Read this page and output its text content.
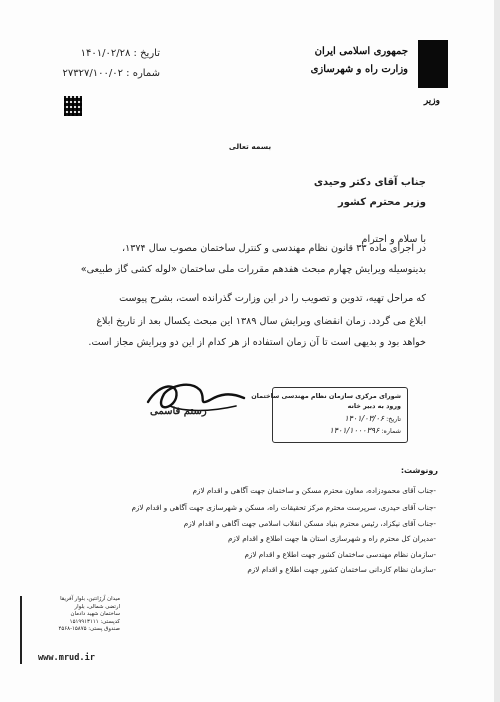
جمهوری اسلامی ایران
وزارت راه و شهرسازی
وزیر
تاریخ : ۱۴۰۱/۰۲/۲۸
شماره : ۲۷۳۲۷/۱۰۰/۰۲
بسمه تعالی
جناب آقای دکتر وحیدی
وزیر محترم کشور
با سلام و احترام
در اجرای ماده ۳۳ قانون نظام مهندسی و کنترل ساختمان مصوب سال ۱۳۷۴،
بدینوسیله ویرایش چهارم مبحث هفدهم مقررات ملی ساختمان «لوله کشی گاز طبیعی»
که مراحل تهیه، تدوین و تصویب را در این وزارت گذرانده است، بشرح پیوست
ابلاغ می گردد. زمان انقضای ویرایش سال ۱۳۸۹ این مبحث یکسال بعد از تاریخ ابلاغ
خواهد بود و بدیهی است تا آن زمان استفاده از هر کدام از این دو ویرایش مجاز است.
رستم قاسمی
شورای مرکزی سازمان نظام مهندسی ساختمان
ورود به دبیر خانه
تاریخ: ۱۴۰۱/۰۳/۰۶
شماره: ۱۴۰۱/۱۰۰۰۳۹۶
رونوشت:
-جناب آقای محمودزاده، معاون محترم مسکن و ساختمان جهت آگاهی و اقدام لازم
-جناب آقای حیدری، سرپرست محترم مرکز تحقیقات راه، مسکن و شهرسازی جهت آگاهی و اقدام لازم
-جناب آقای نیکزاد، رئیس محترم بنیاد مسکن انقلاب اسلامی جهت آگاهی و اقدام لازم
-مدیران کل محترم راه و شهرسازی استان ها جهت اطلاع و اقدام لازم
-سازمان نظام مهندسی ساختمان کشور جهت اطلاع و اقدام لازم
-سازمان نظام کاردانی ساختمان کشور جهت اطلاع و اقدام لازم
میدان آرژانتین، بلوار آفریقا
ارتضی شمالی، بلوار
ساختمان شهید دادمان
کدپستی: ۱۵۱۹۹۱۳۱۱۱
صندوق پستی: ۱۵۸۷۵-۴۵۶۸
www.mrud.ir
